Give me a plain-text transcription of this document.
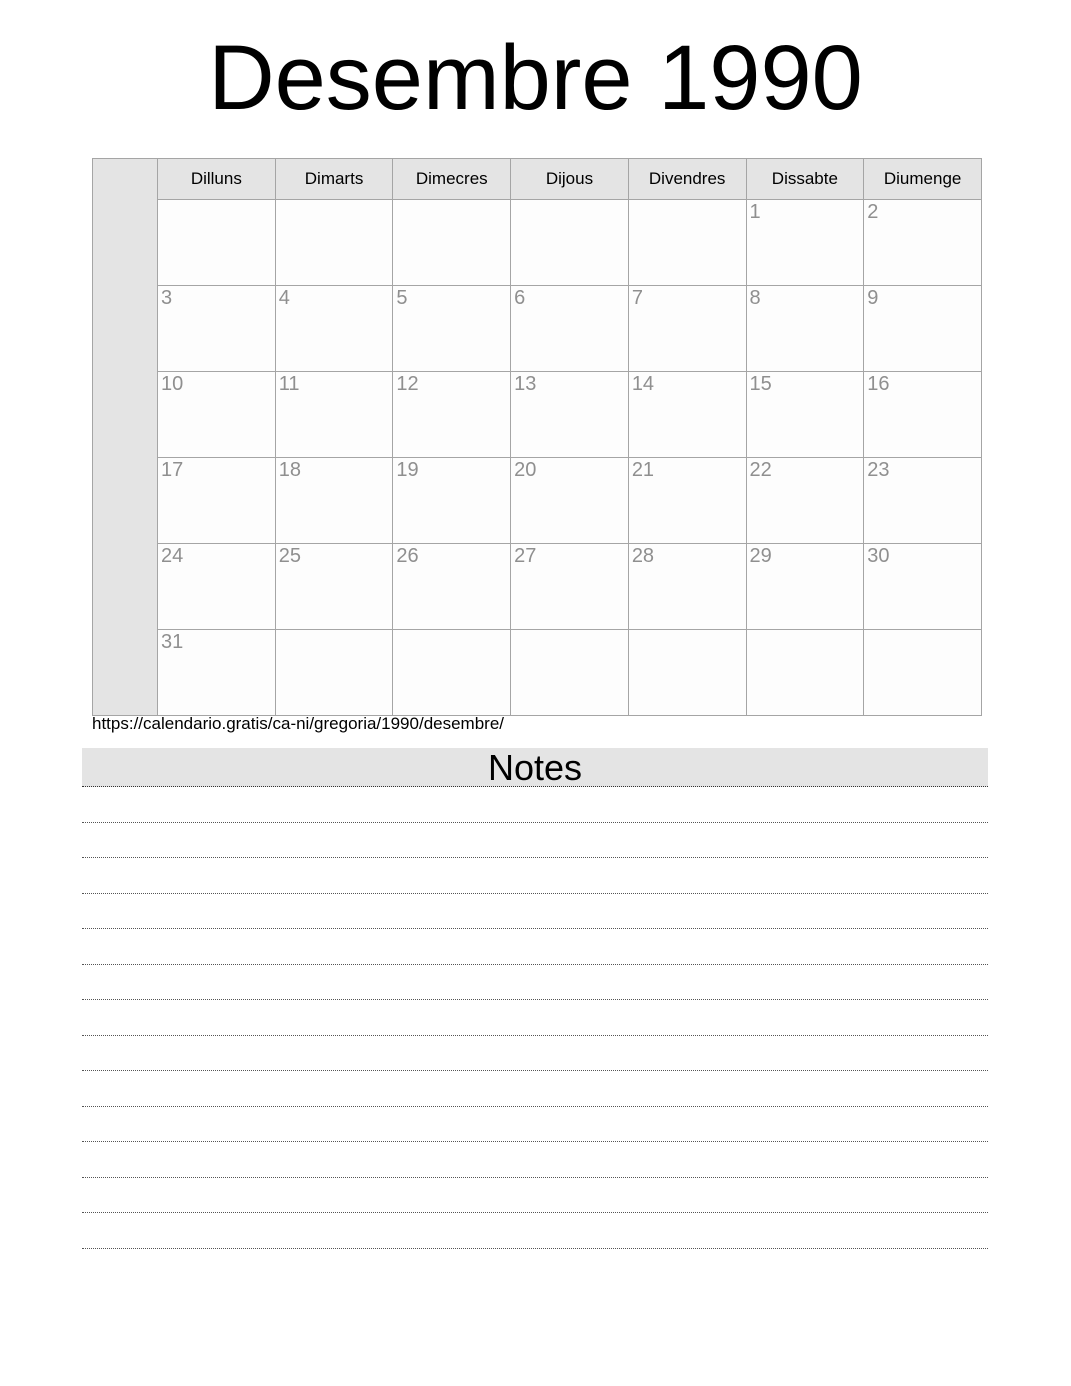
Desembre 1990
	Dilluns	Dimarts	Dimecres	Dijous	Divendres	Dissabte	Diumenge
						1	2
	3	4	5	6	7	8	9
	10	11	12	13	14	15	16
	17	18	19	20	21	22	23
	24	25	26	27	28	29	30
	31						
https://calendario.gratis/ca-ni/gregoria/1990/desembre/
Notes
